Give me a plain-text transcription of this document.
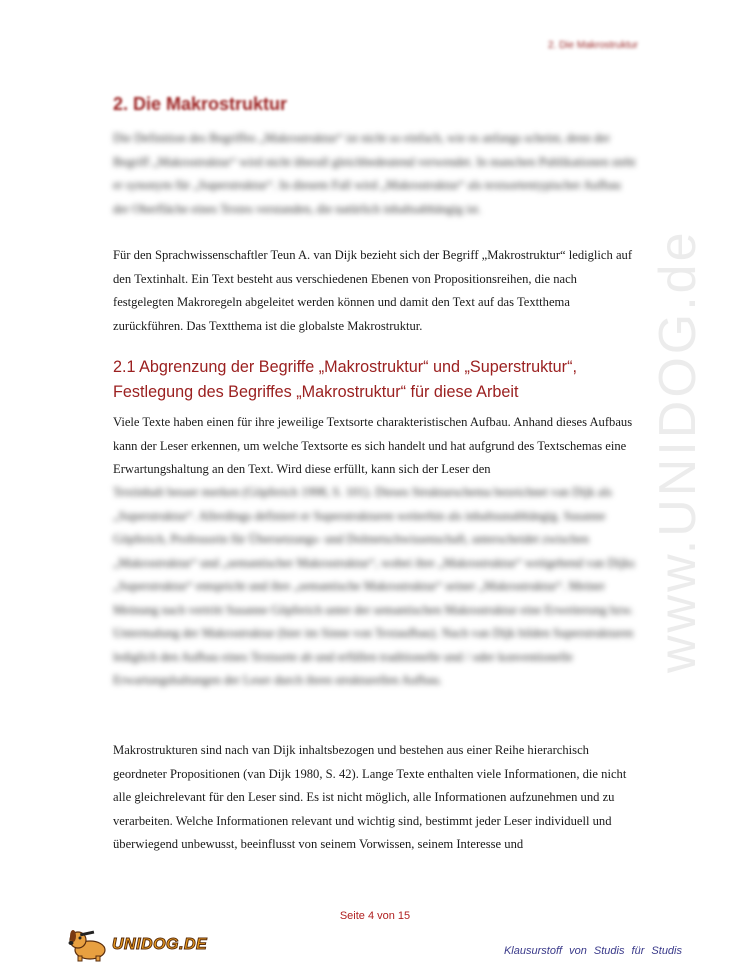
2. Die Makrostruktur
2. Die Makrostruktur

Die Definition des Begriffes „Makrostruktur“ ist nicht so einfach, wie es anfangs scheint, denn der Begriff „Makrostruktur“ wird nicht überall gleichbedeutend verwendet. In manchen Publikationen steht er synonym für „Superstruktur“. In diesem Fall wird „Makrostruktur“ als textsortentypischer Aufbau der Oberfläche eines Textes verstanden, die natürlich inhaltsabhängig ist.

Für den Sprachwissenschaftler Teun A. van Dijk bezieht sich der Begriff „Makrostruktur“ lediglich auf den Textinhalt. Ein Text besteht aus verschiedenen Ebenen von Propositionsreihen, die nach festgelegten Makroregeln abgeleitet werden können und damit den Text auf das Textthema zurückführen. Das Textthema ist die globalste Makrostruktur.

2.1 Abgrenzung der Begriffe „Makrostruktur“ und „Superstruktur“, Festlegung des Begriffes „Makrostruktur“ für diese Arbeit

Viele Texte haben einen für ihre jeweilige Textsorte charakteristischen Aufbau. Anhand dieses Aufbaus kann der Leser erkennen, um welche Textsorte es sich handelt und hat aufgrund des Textschemas eine Erwartungshaltung an den Text. Wird diese erfüllt, kann sich der Leser den

Textinhalt besser merken (Göpferich 1998, S. 101). Dieses Strukturschema bezeichnet van Dijk als „Superstruktur“. Allerdings definiert er Superstrukturen weiterhin als inhaltsunabhängig. Susanne Göpferich, Professorin für Übersetzungs- und Dolmetschwissenschaft, unterscheidet zwischen „Makrostruktur“ und „semantischer Makrostruktur“, wobei ihre „Makrostruktur“ weitgehend van Dijks „Superstruktur“ entspricht und ihre „semantische Makrostruktur“ seiner „Makrostruktur“. Meiner Meinung nach vertritt Susanne Göpferich unter der semantischen Makrostruktur eine Erweiterung bzw. Untermalung der Makrostruktur (hier im Sinne von Textaufbau). Nach van Dijk bilden Superstrukturen lediglich den Aufbau eines Textsorte ab und erfüllen traditionelle und / oder konventionelle Erwartungshaltungen der Leser durch ihren strukturellen Aufbau.

Makrostrukturen sind nach van Dijk inhaltsbezogen und bestehen aus einer Reihe hierarchisch geordneter Propositionen (van Dijk 1980, S. 42). Lange Texte enthalten viele Informationen, die nicht alle gleichrelevant für den Leser sind. Es ist nicht möglich, alle Informationen aufzunehmen und zu verarbeiten. Welche Informationen relevant und wichtig sind, bestimmt jeder Leser individuell und überwiegend unbewusst, beeinflusst von seinem Vorwissen, seinem Interesse und

www.UNIDOG.de
Seite 4 von 15
UNIDOG.DE	Klausurstoff von Studis für Studis
